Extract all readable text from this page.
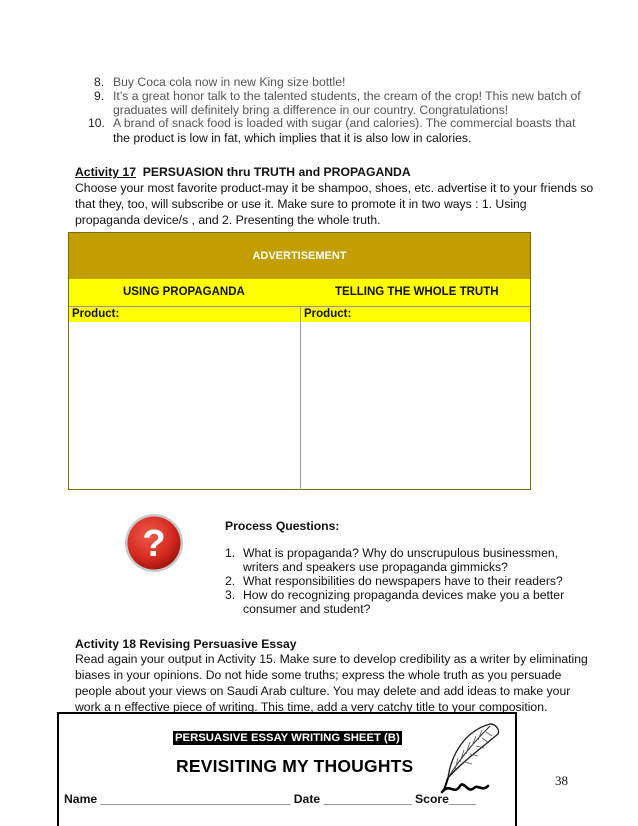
8. Buy Coca cola now in new King size bottle!
9. It’s a great honor talk to the talented students, the cream of the crop! This new batch of
graduates will definitely bring a difference in our country. Congratulations!
10. A brand of snack food is loaded with sugar (and calories). The commercial boasts that
the product is low in fat, which implies that it is also low in calories.
Activity 17 PERSUASION thru TRUTH and PROPAGANDA
Choose your most favorite product-may it be shampoo, shoes, etc. advertise it to your friends so
that they, too, will subscribe or use it. Make sure to promote it in two ways : 1. Using
propaganda device/s , and 2. Presenting the whole truth.
ADVERTISEMENT
USING PROPAGANDA	TELLING THE WHOLE TRUTH
Product:	Product:
?	Process Questions:
1. What is propaganda? Why do unscrupulous businessmen,
writers and speakers use propaganda gimmicks?
2. What responsibilities do newspapers have to their readers?
3. How do recognizing propaganda devices make you a better
consumer and student?
Activity 18 Revising Persuasive Essay
Read again your output in Activity 15. Make sure to develop credibility as a writer by eliminating
biases in your opinions. Do not hide some truths; express the whole truth as you persuade
people about your views on Saudi Arab culture. You may delete and add ideas to make your
work a n effective piece of writing. This time, add a very catchy title to your composition.
PERSUASIVE ESSAY WRITING SHEET (B)
REVISITING MY THOUGHTS
Name ____________________________ Date _____________ Score____
38
